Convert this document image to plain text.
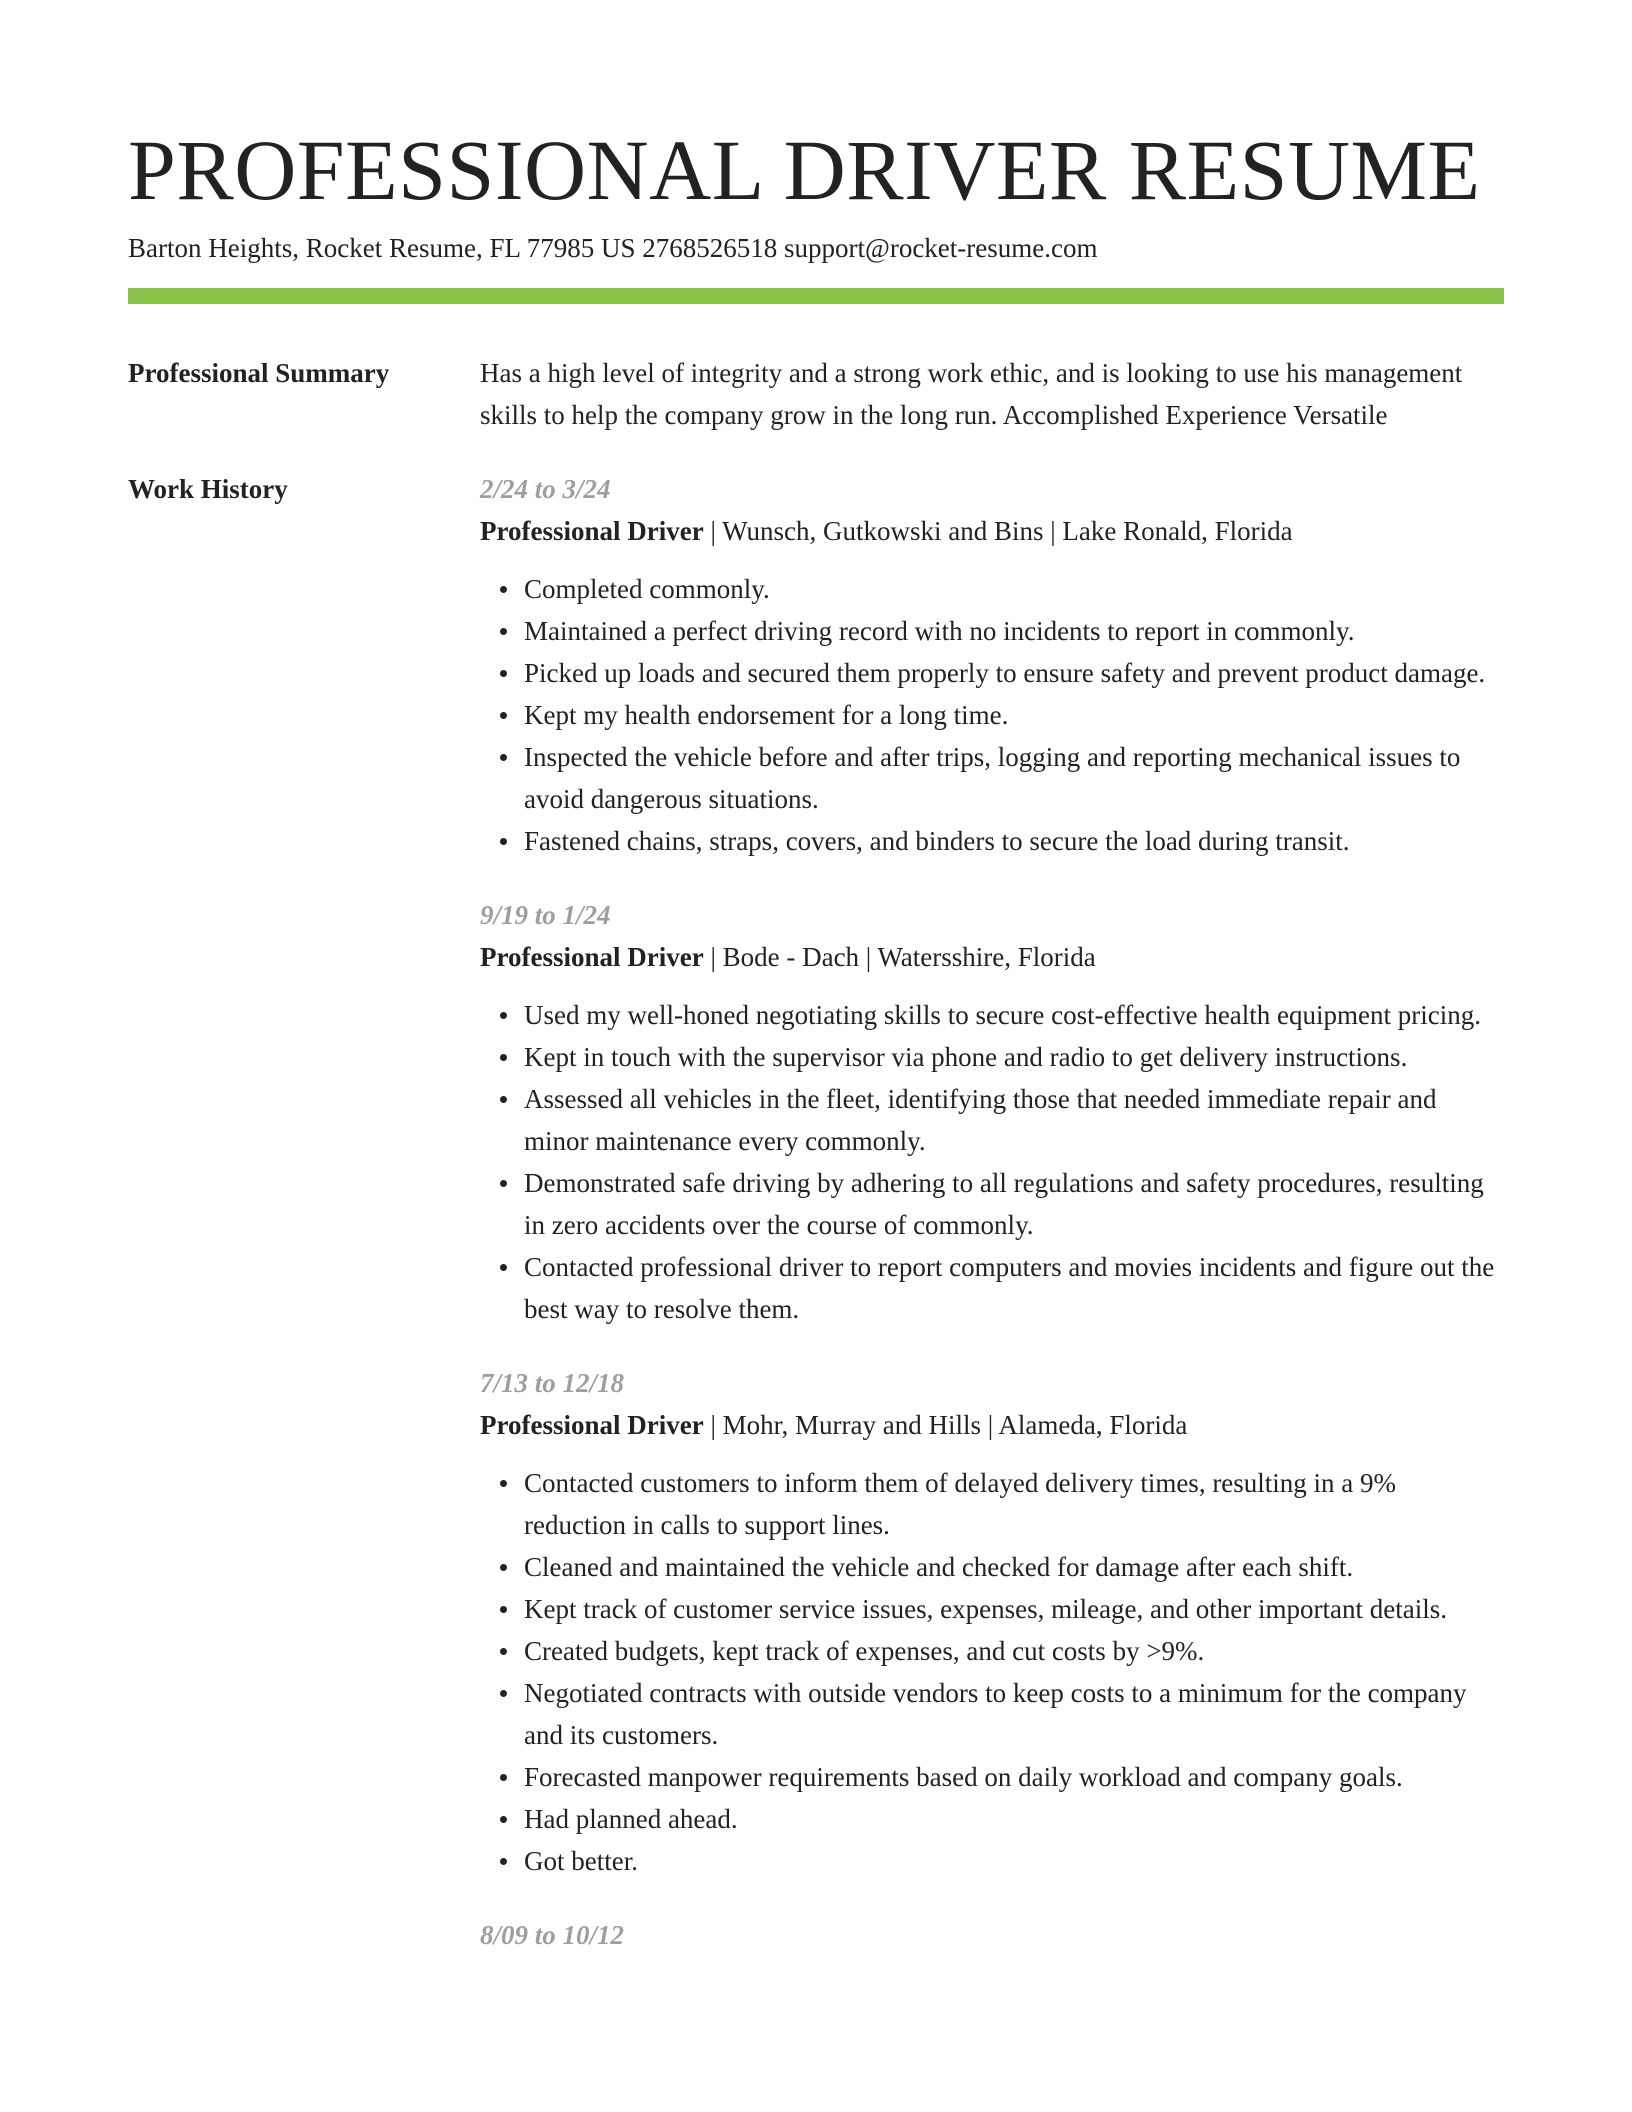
PROFESSIONAL DRIVER RESUME
Barton Heights, Rocket Resume, FL 77985 US 2768526518 support@rocket-resume.com
Professional Summary	Has a high level of integrity and a strong work ethic, and is looking to use his management skills to help the company grow in the long run. Accomplished Experience Versatile
Work History	2/24 to 3/24
Professional Driver | Wunsch, Gutkowski and Bins | Lake Ronald, Florida
Completed commonly.
Maintained a perfect driving record with no incidents to report in commonly.
Picked up loads and secured them properly to ensure safety and prevent product damage.
Kept my health endorsement for a long time.
Inspected the vehicle before and after trips, logging and reporting mechanical issues to avoid dangerous situations.
Fastened chains, straps, covers, and binders to secure the load during transit.
9/19 to 1/24
Professional Driver | Bode - Dach | Watersshire, Florida
Used my well-honed negotiating skills to secure cost-effective health equipment pricing.
Kept in touch with the supervisor via phone and radio to get delivery instructions.
Assessed all vehicles in the fleet, identifying those that needed immediate repair and minor maintenance every commonly.
Demonstrated safe driving by adhering to all regulations and safety procedures, resulting in zero accidents over the course of commonly.
Contacted professional driver to report computers and movies incidents and figure out the best way to resolve them.
7/13 to 12/18
Professional Driver | Mohr, Murray and Hills | Alameda, Florida
Contacted customers to inform them of delayed delivery times, resulting in a 9% reduction in calls to support lines.
Cleaned and maintained the vehicle and checked for damage after each shift.
Kept track of customer service issues, expenses, mileage, and other important details.
Created budgets, kept track of expenses, and cut costs by >9%.
Negotiated contracts with outside vendors to keep costs to a minimum for the company and its customers.
Forecasted manpower requirements based on daily workload and company goals.
Had planned ahead.
Got better.
8/09 to 10/12
